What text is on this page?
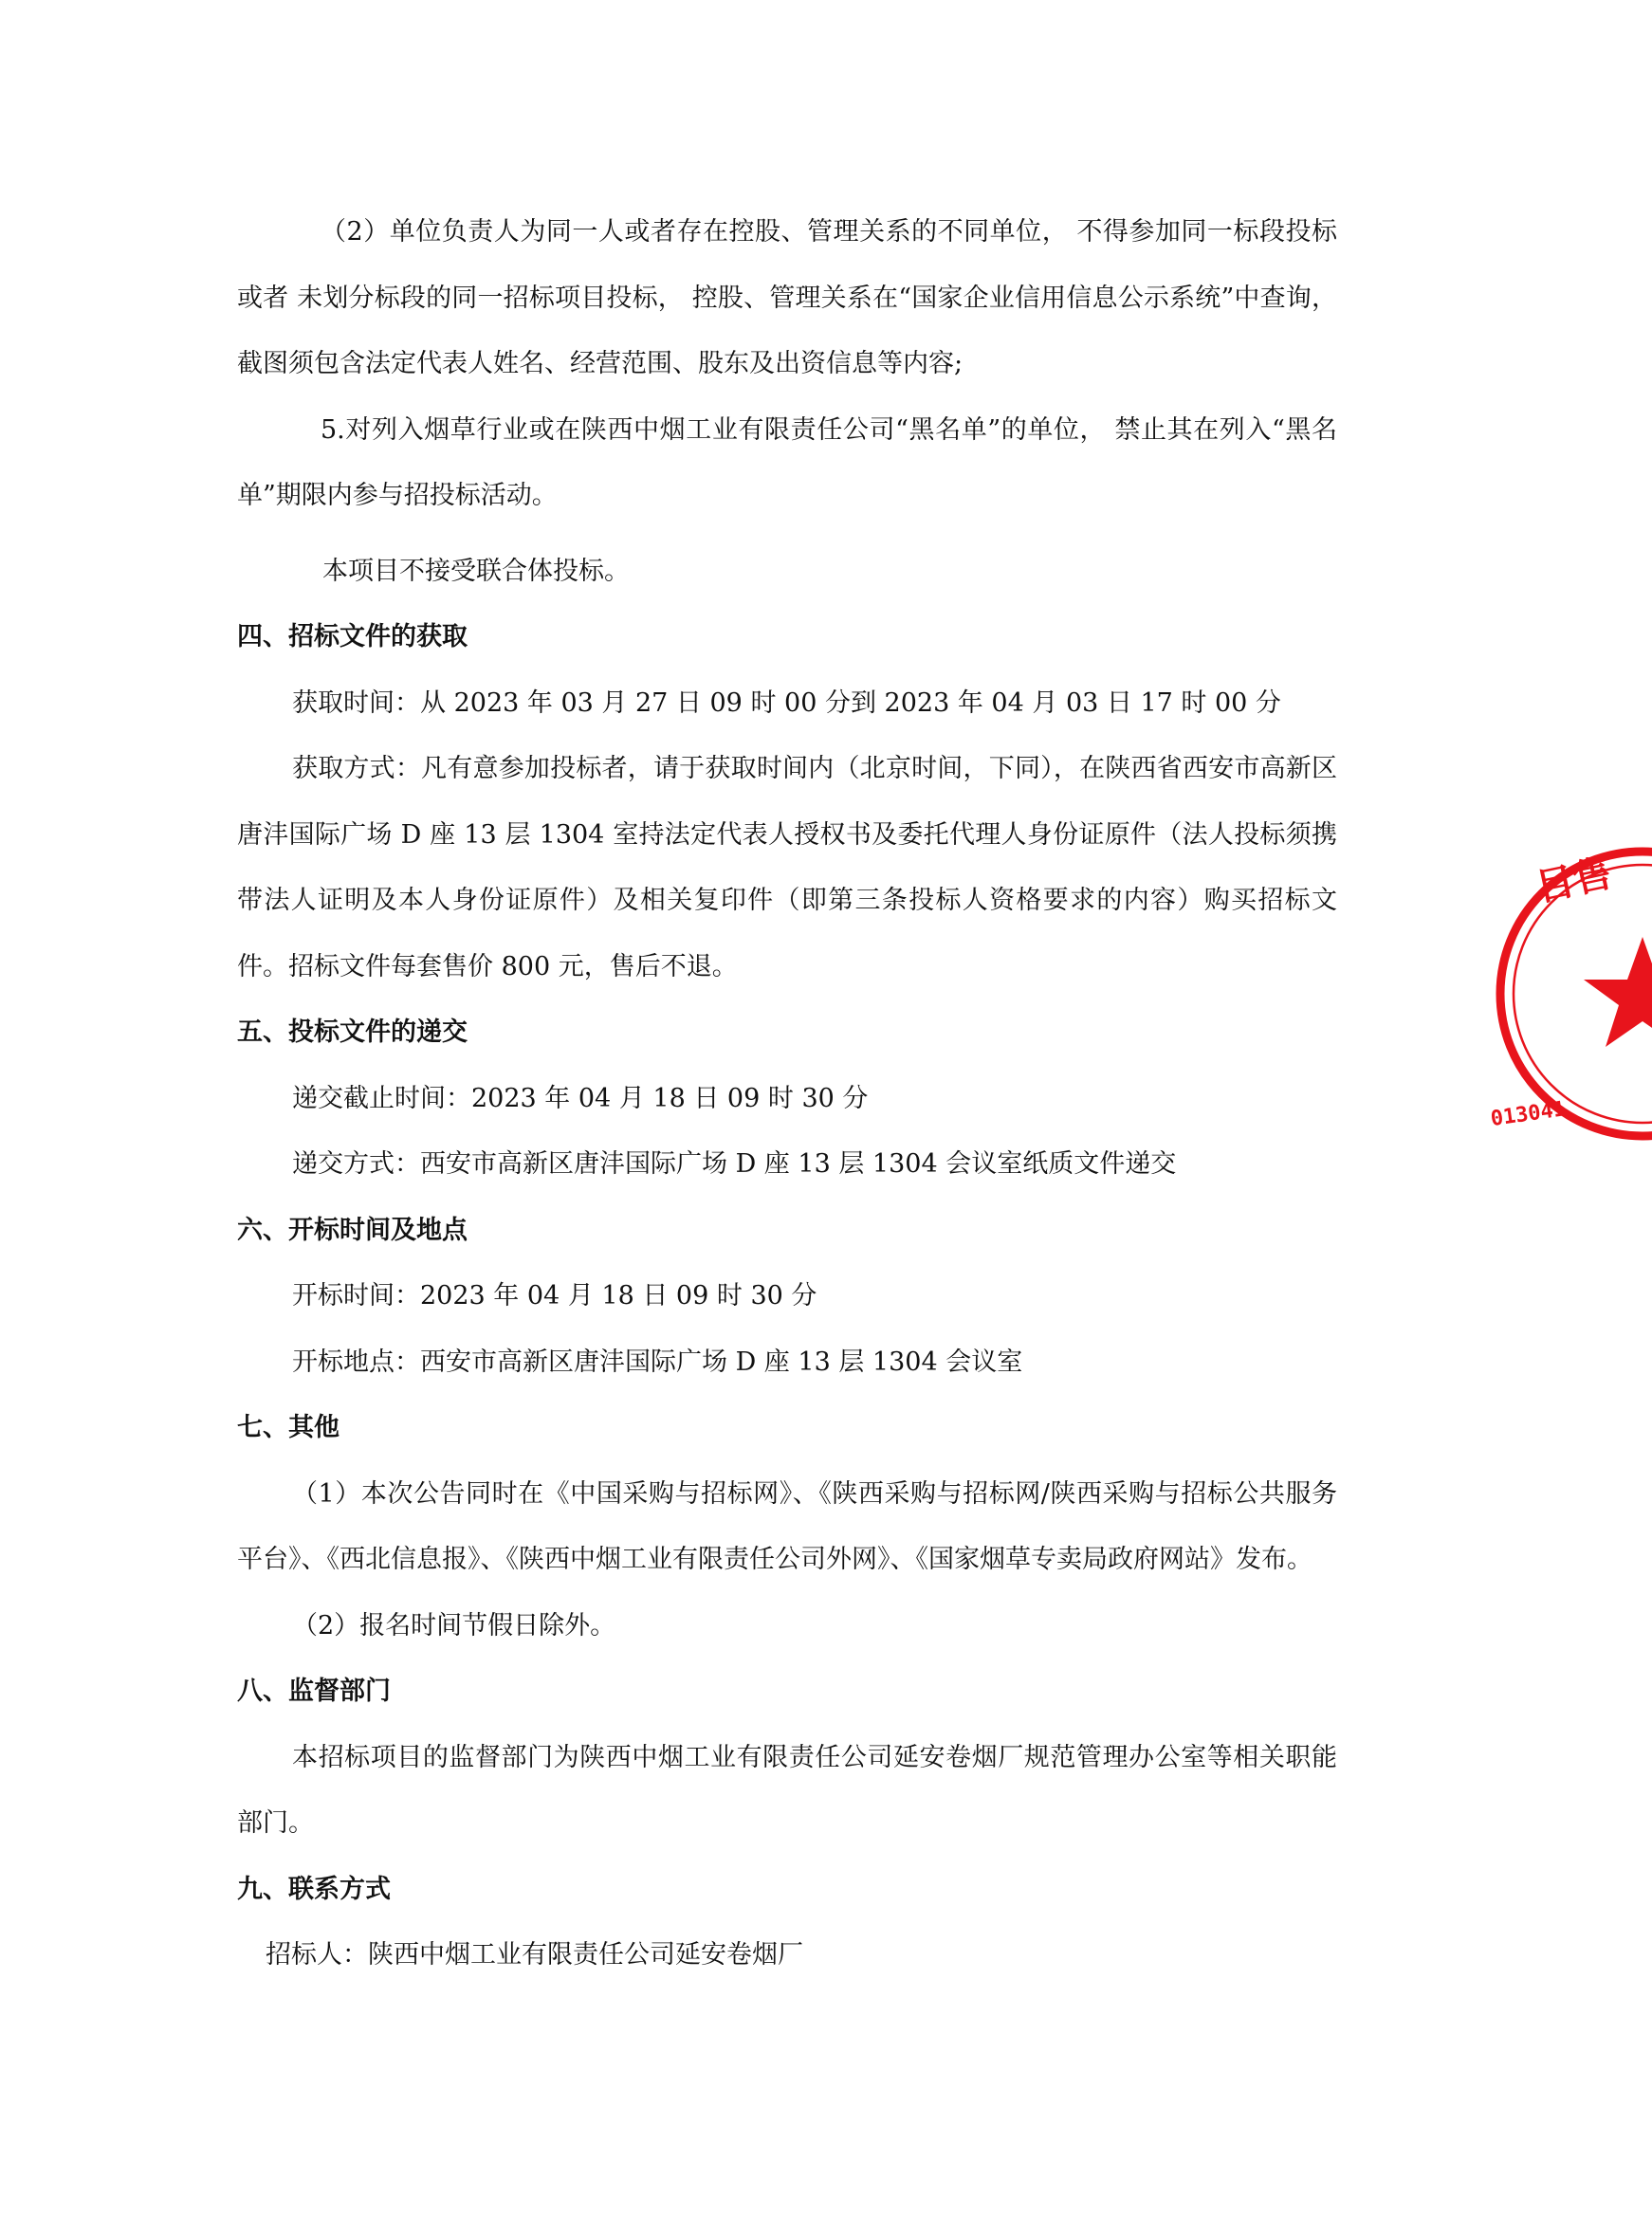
（2）单位负责人为同一人或者存在控股、管理关系的不同单位， 不得参加同一标段投标或者 未划分标段的同一招标项目投标， 控股、管理关系在“国家企业信用信息公示系统”中查询， 截图须包含法定代表人姓名、经营范围、股东及出资信息等内容;

5.对列入烟草行业或在陕西中烟工业有限责任公司“黑名单”的单位， 禁止其在列入“黑名单”期限内参与招投标活动。

本项目不接受联合体投标。

四、招标文件的获取

获取时间：从 2023 年 03 月 27 日 09 时 00 分到 2023 年 04 月 03 日 17 时 00 分

获取方式：凡有意参加投标者，请于获取时间内（北京时间，下同），在陕西省西安市高新区唐沣国际广场 D 座 13 层 1304 室持法定代表人授权书及委托代理人身份证原件（法人投标须携带法人证明及本人身份证原件）及相关复印件（即第三条投标人资格要求的内容）购买招标文件。招标文件每套售价 800 元，售后不退。

五、投标文件的递交

递交截止时间：2023 年 04 月 18 日 09 时 30 分

递交方式：西安市高新区唐沣国际广场 D 座 13 层 1304 会议室纸质文件递交

六、开标时间及地点

开标时间：2023 年 04 月 18 日 09 时 30 分

开标地点：西安市高新区唐沣国际广场 D 座 13 层 1304 会议室

七、其他

（1）本次公告同时在《中国采购与招标网》、《陕西采购与招标网/陕西采购与招标公共服务平台》、《西北信息报》、《陕西中烟工业有限责任公司外网》、《国家烟草专卖局政府网站》发布。

（2）报名时间节假日除外。

八、监督部门

本招标项目的监督部门为陕西中烟工业有限责任公司延安卷烟厂规范管理办公室等相关职能部门。

九、联系方式

招标人：陕西中烟工业有限责任公司延安卷烟厂

目售
013041
